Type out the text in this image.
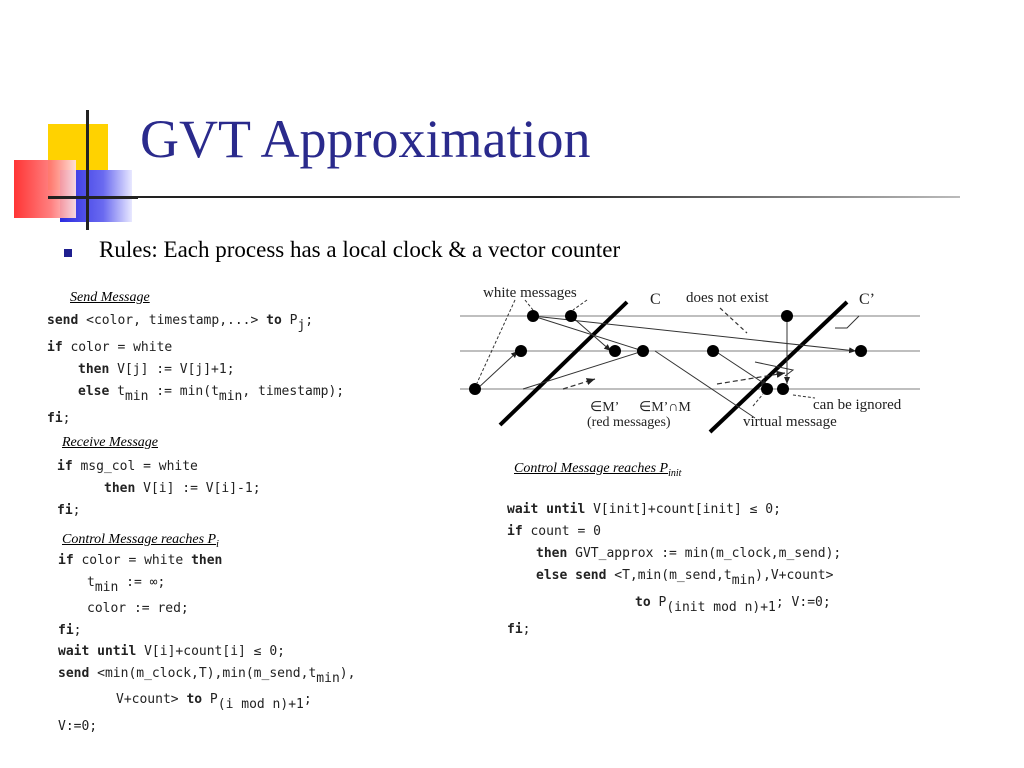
GVT Approximation
Rules: Each process has a local clock & a vector counter
Send Message
send <color, timestamp,...> to $P_j$;
if color = white
then V[j] := V[j]+1;
else $t_{min}$ := $\min(t_{min}$, timestamp);
fi;
Receive Message
if msg_col = white
then V[i] := V[i]-1;
fi;
Control Message reaches $P_i$
if color = white then
$t_{min}$ := ∞;
color := red;
fi;
wait until V[i]+count[i] ≤ 0;
send $<\min(m\_clock,T),\min(m\_send,t_{min})$,
V+count> to $P_{(i mod n)+1}$;
V:=0;
Control Message reaches $P_{init}$
wait until V[init]+count[init] ≤ 0;
if count = 0
then GVT_approx := min(m_clock,m_send);
else send $<T,\min(m\_send,t_{min}),V+count>$
to $P_{(init mod n)+1}$; V:=0;
fi;
white messages	C does not exist	C’
∈M’
(red messages)
∈M’∩M	can be ignored
virtual message
